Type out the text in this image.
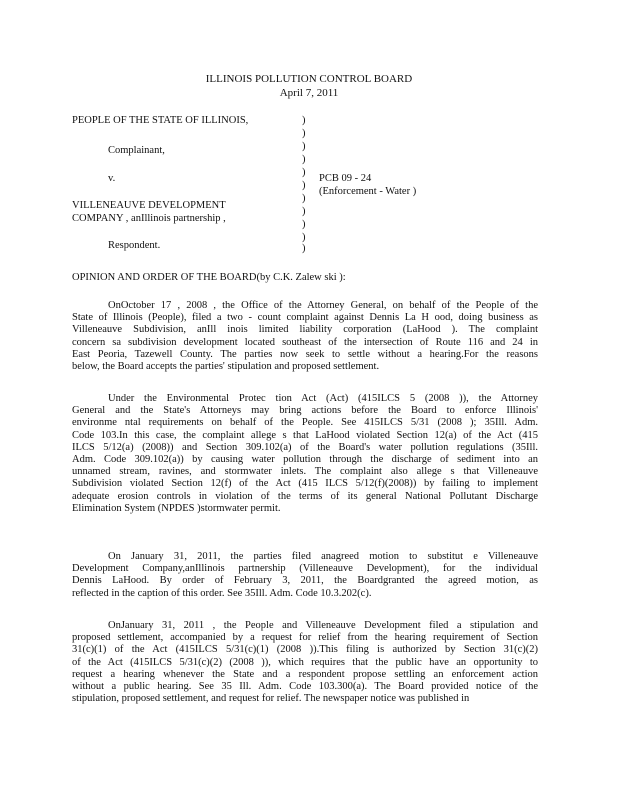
ILLINOIS POLLUTION CONTROL BOARD
April 7, 2011
PEOPLE OF THE STATE OF ILLINOIS,
Complainant,
v.
VILLENEAUVE DEVELOPMENT
COMPANY , anIllinois partnership ,
Respondent.
)
)
)
)
)
)
)
)
)
)
)
PCB 09 - 24
(Enforcement - Water )
OPINION AND ORDER OF THE BOARD(by C.K. Zalew ski ):
OnOctober 17 , 2008 , the Office of the Attorney General, on behalf of the People of the
State of Illinois (People), filed a two - count complaint against Dennis La H ood, doing business as
Villeneauve Subdivision, anIll inois limited liability corporation (LaHood ). The complaint
concern sa subdivision development located southeast of the intersection of Route 116 and 24 in
East Peoria, Tazewell County. The parties now seek to settle without a hearing.For the reasons
below, the Board accepts the parties' stipulation and proposed settlement.
Under the Environmental Protec tion Act (Act) (415ILCS 5 (2008 )), the Attorney
General and the State's Attorneys may bring actions before the Board to enforce Illinois'
environme ntal requirements on behalf of the People. See 415ILCS 5/31 (2008 ); 35Ill. Adm.
Code 103.In this case, the complaint allege s that LaHood violated Section 12(a) of the Act (415
ILCS 5/12(a) (2008)) and Section 309.102(a) of the Board's water pollution regulations (35Ill.
Adm. Code 309.102(a)) by causing water pollution through the discharge of sediment into an
unnamed stream, ravines, and stormwater inlets. The complaint also allege s that Villeneauve
Subdivision violated Section 12(f) of the Act (415 ILCS 5/12(f)(2008)) by failing to implement
adequate erosion controls in violation of the terms of its general National Pollutant Discharge
Elimination System (NPDES )stormwater permit.
On January 31, 2011, the parties filed anagreed motion to substitut e Villeneauve
Development Company,anIllinois partnership (Villeneauve Development), for the individual
Dennis LaHood. By order of February 3, 2011, the Boardgranted the agreed motion, as
reflected in the caption of this order. See 35Ill. Adm. Code 10.3.202(c).
OnJanuary 31, 2011 , the People and Villeneauve Development filed a stipulation and
proposed settlement, accompanied by a request for relief from the hearing requirement of Section
31(c)(1) of the Act (415ILCS 5/31(c)(1) (2008 )).This filing is authorized by Section 31(c)(2)
of the Act (415ILCS 5/31(c)(2) (2008 )), which requires that the public have an opportunity to
request a hearing whenever the State and a respondent propose settling an enforcement action
without a public hearing. See 35 Ill. Adm. Code 103.300(a). The Board provided notice of the
stipulation, proposed settlement, and request for relief. The newspaper notice was published in
